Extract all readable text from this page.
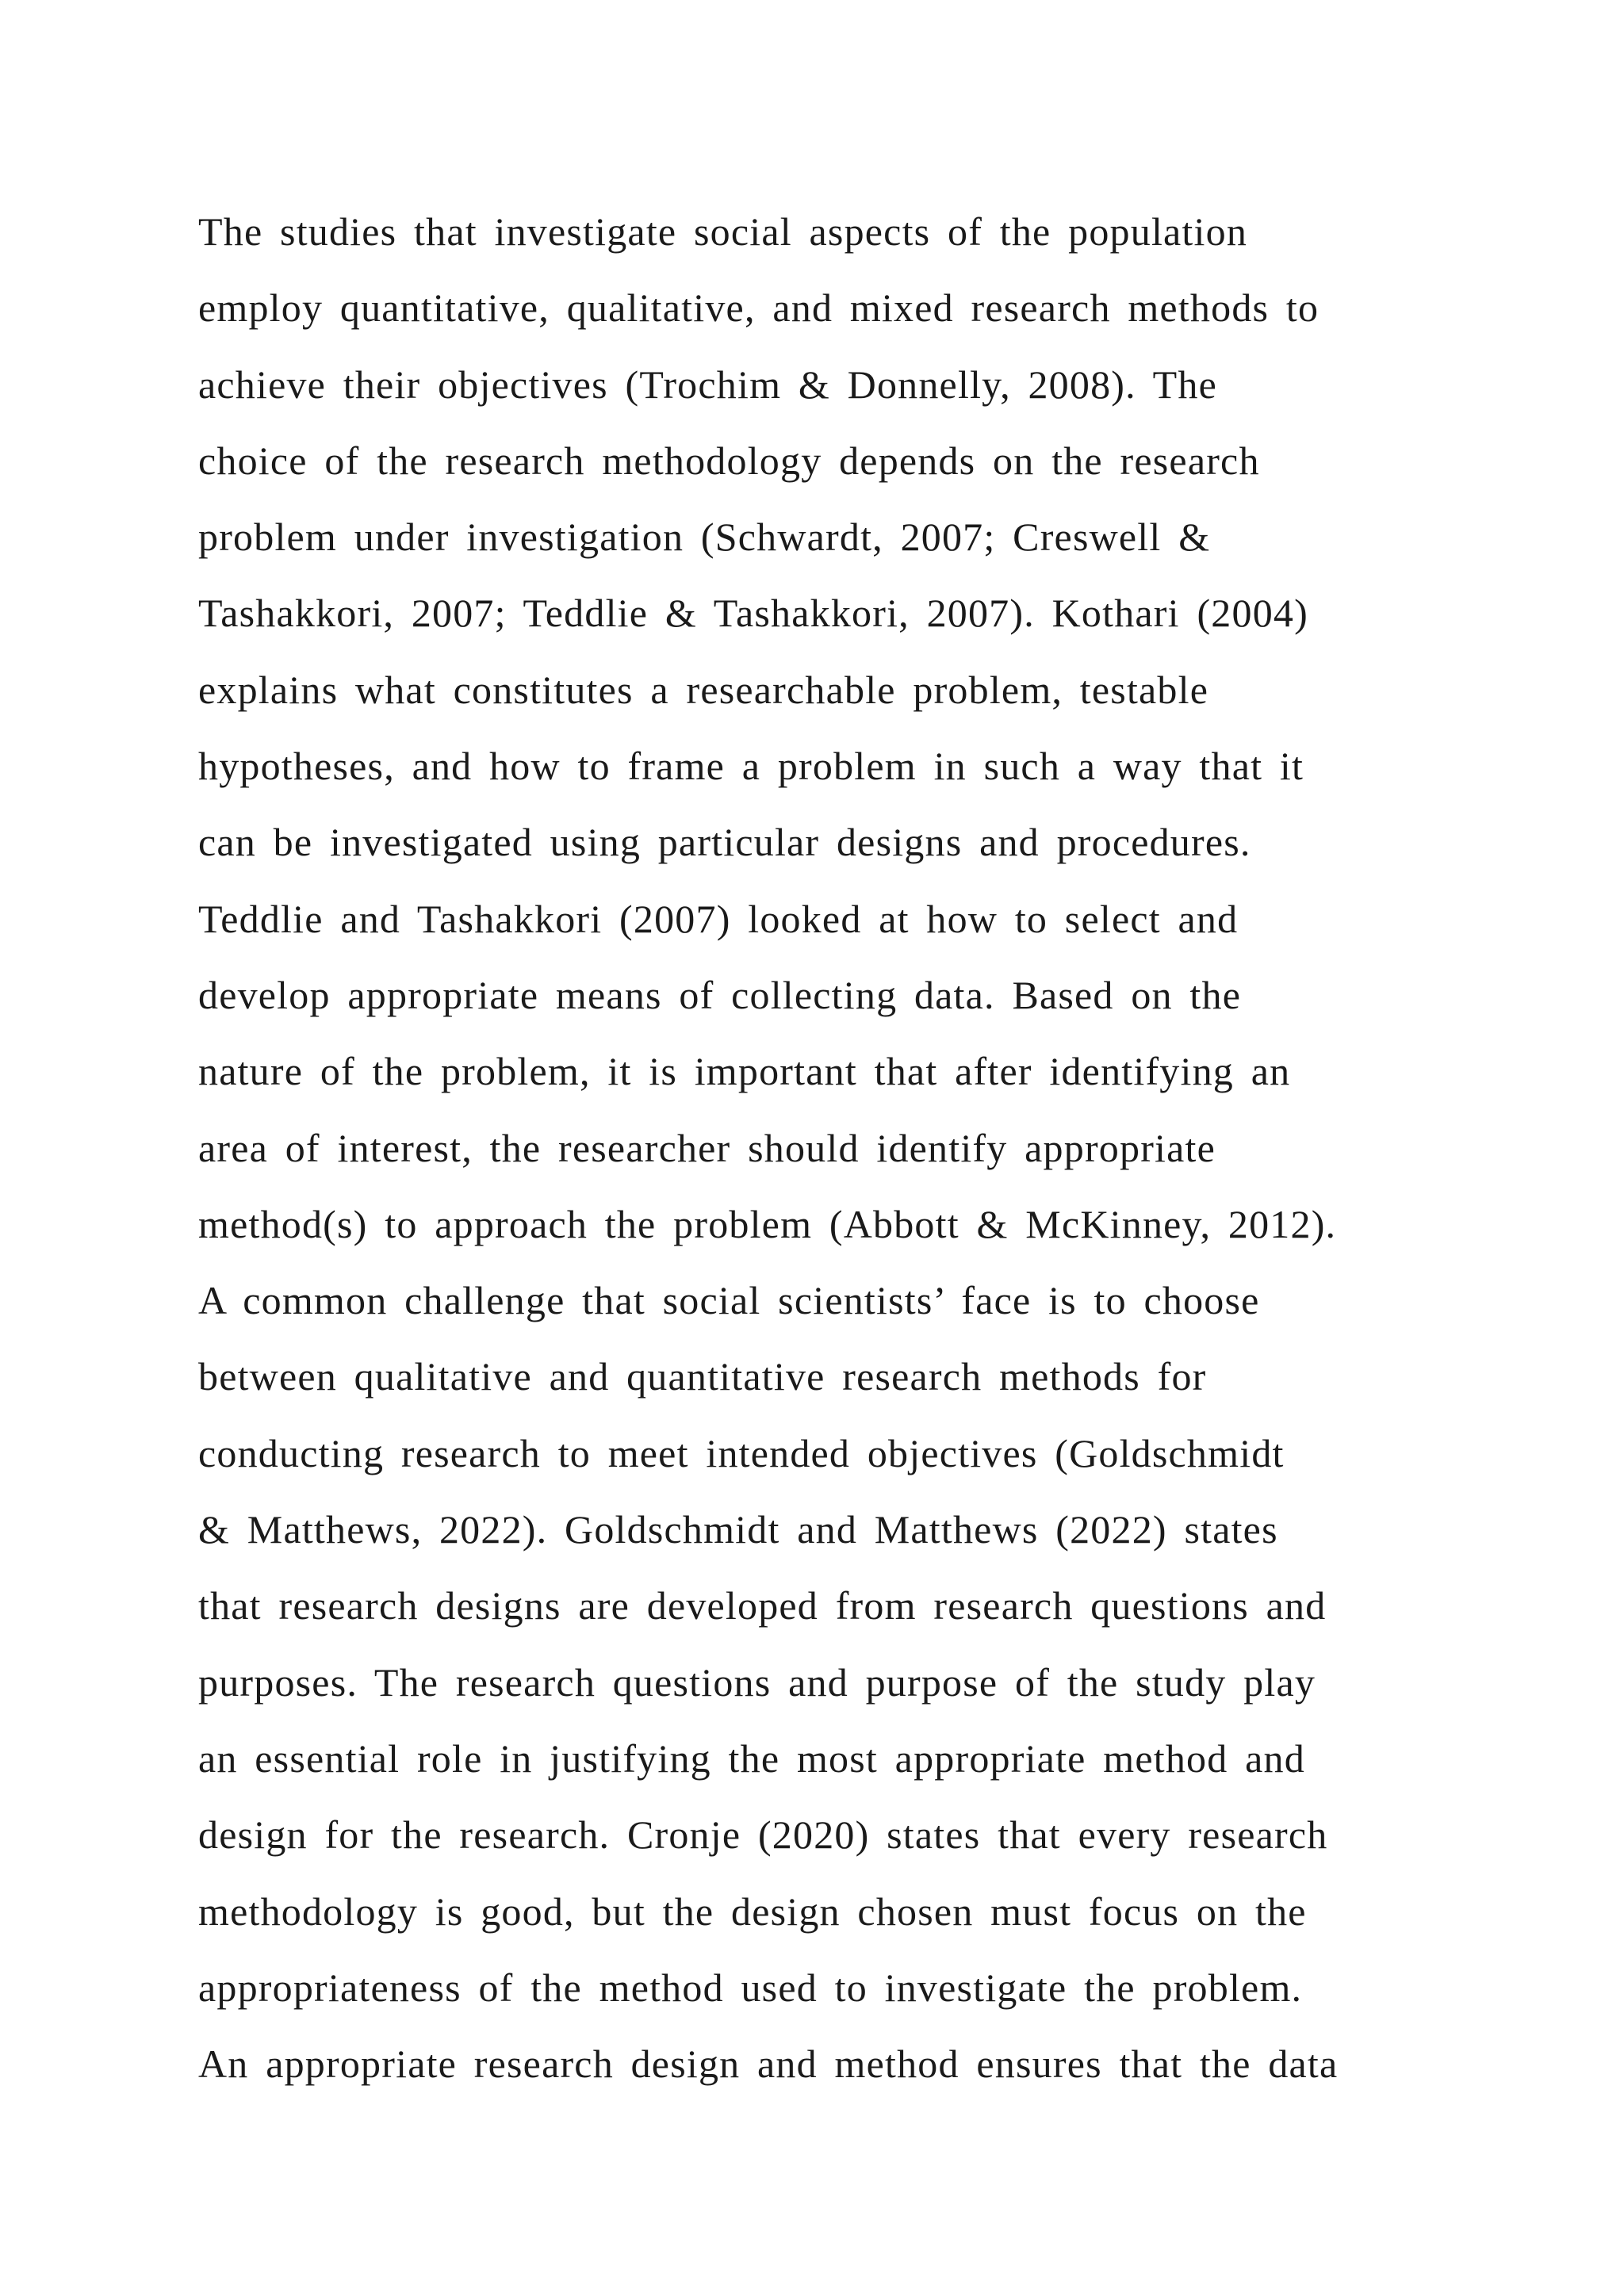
The studies that investigate social aspects of the population
employ quantitative, qualitative, and mixed research methods to
achieve their objectives (Trochim & Donnelly, 2008). The
choice of the research methodology depends on the research
problem under investigation (Schwardt, 2007; Creswell &
Tashakkori, 2007; Teddlie & Tashakkori, 2007). Kothari (2004)
explains what constitutes a researchable problem, testable
hypotheses, and how to frame a problem in such a way that it
can be investigated using particular designs and procedures.
Teddlie and Tashakkori (2007) looked at how to select and
develop appropriate means of collecting data. Based on the
nature of the problem, it is important that after identifying an
area of interest, the researcher should identify appropriate
method(s) to approach the problem (Abbott & McKinney, 2012).
A common challenge that social scientists’ face is to choose
between qualitative and quantitative research methods for
conducting research to meet intended objectives (Goldschmidt
& Matthews, 2022). Goldschmidt and Matthews (2022) states
that research designs are developed from research questions and
purposes. The research questions and purpose of the study play
an essential role in justifying the most appropriate method and
design for the research. Cronje (2020) states that every research
methodology is good, but the design chosen must focus on the
appropriateness of the method used to investigate the problem.
An appropriate research design and method ensures that the data
